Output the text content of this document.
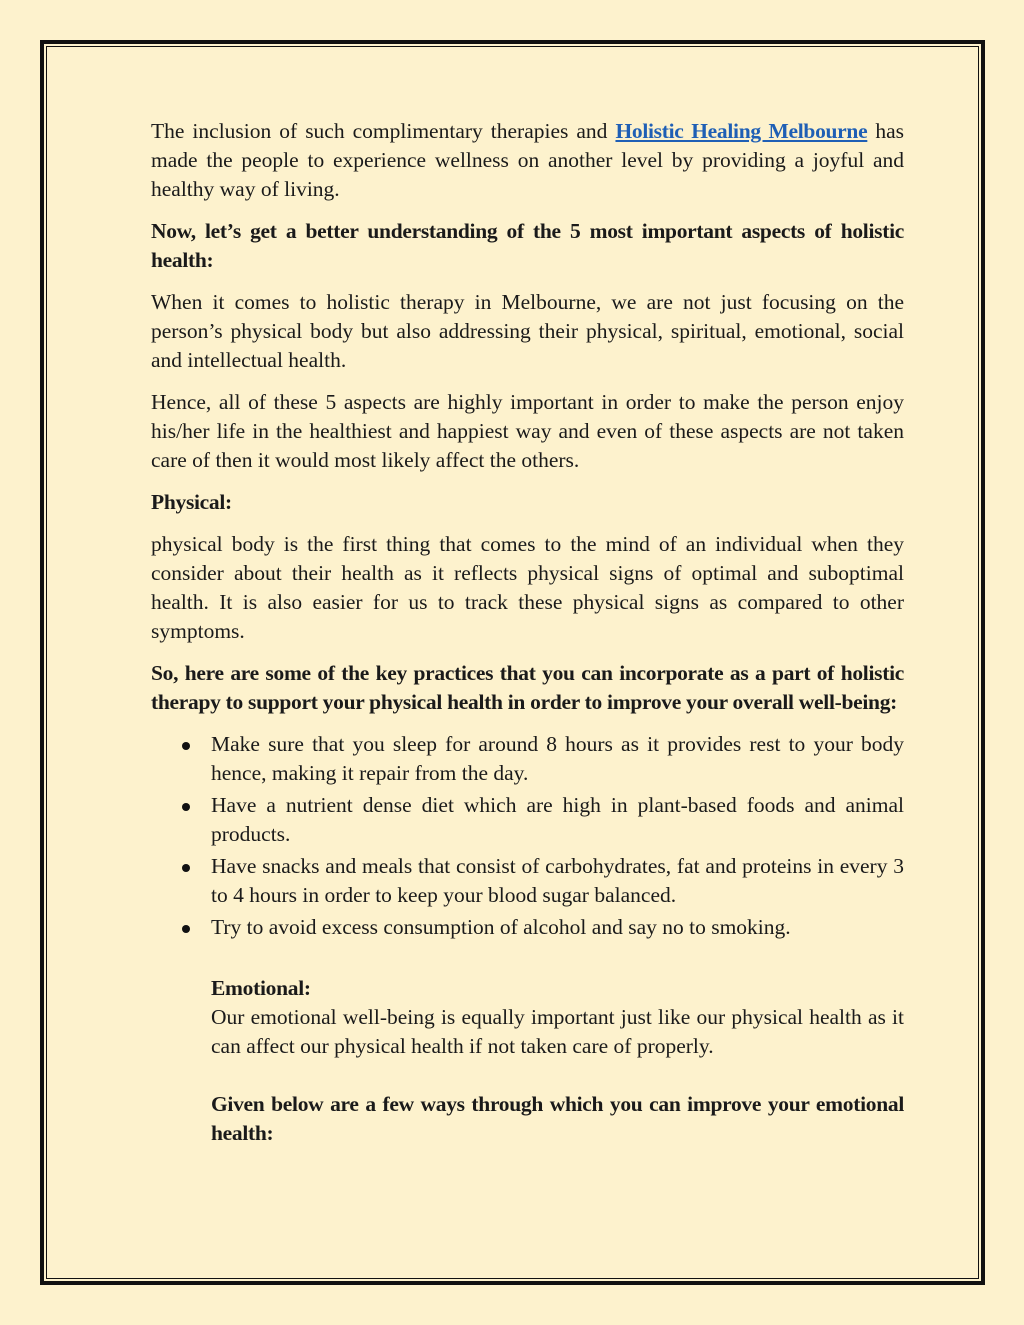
The inclusion of such complimentary therapies and Holistic Healing Melbourne has made the people to experience wellness on another level by providing a joyful and healthy way of living.

Now, let’s get a better understanding of the 5 most important aspects of holistic health:

When it comes to holistic therapy in Melbourne, we are not just focusing on the person’s physical body but also addressing their physical, spiritual, emotional, social and intellectual health.

Hence, all of these 5 aspects are highly important in order to make the person enjoy his/her life in the healthiest and happiest way and even of these aspects are not taken care of then it would most likely affect the others.

Physical:

physical body is the first thing that comes to the mind of an individual when they consider about their health as it reflects physical signs of optimal and suboptimal health. It is also easier for us to track these physical signs as compared to other symptoms.

So, here are some of the key practices that you can incorporate as a part of holistic therapy to support your physical health in order to improve your overall well-being:

Make sure that you sleep for around 8 hours as it provides rest to your body hence, making it repair from the day.
Have a nutrient dense diet which are high in plant-based foods and animal products.
Have snacks and meals that consist of carbohydrates, fat and proteins in every 3 to 4 hours in order to keep your blood sugar balanced.
Try to avoid excess consumption of alcohol and say no to smoking.

Emotional:

Our emotional well-being is equally important just like our physical health as it can affect our physical health if not taken care of properly.

Given below are a few ways through which you can improve your emotional health:
